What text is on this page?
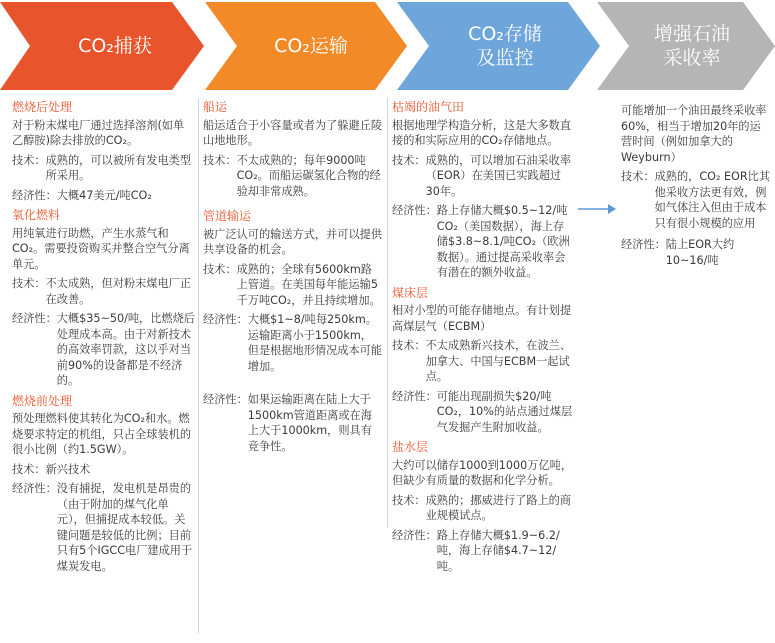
CO₂捕获	CO₂运输
CO₂存储
及监控
增强石油
采收率
燃烧后处理
对于粉末煤电厂通过选择溶剂(如单乙醇胺)除去排放的CO₂。
技术： 成熟的，可以被所有发电类型所采用。
经济性： 大概47美元/吨CO₂
氧化燃料
用纯氧进行助燃，产生水蒸气和CO₂。需要投资购买并整合空气分离单元。
技术： 不太成熟，但对粉末煤电厂正在改善。
经济性： 大概$35~50/吨，比燃烧后处理成本高。由于对新技术的高效率罚款，这以乎对当前90%的设备都是不经济的。
燃烧前处理
预处理燃料使其转化为CO₂和水。燃烧要求特定的机组，只占全球装机的很小比例（约1.5GW）。
技术： 新兴技术
经济性： 没有捕捉，发电机是昂贵的（由于附加的煤气化单元），但捕捉成本较低。关键问题是较低的比例；目前只有5个IGCC电厂建成用于煤炭发电。
船运
船运适合于小容量或者为了躲避丘陵山地地形。
技术： 不太成熟的；每年9000吨CO₂。而船运碳氢化合物的经验却非常成熟。
管道输运
被广泛认可的输送方式，并可以提供共享设备的机会。
技术： 成熟的；全球有5600km路上管道。在美国每年能运输5千万吨CO₂，并且持续增加。
经济性： 大概$1~8/吨每250km。运输距离小于1500km，但是根据地形情况成本可能增加。
经济性： 如果运输距离在陆上大于1500km管道距离或在海上大于1000km，则具有竞争性。
枯竭的油气田
根据地理学构造分析，这是大多数直接的和实际应用的CO₂存储地点。
技术： 成熟的，可以增加石油采收率（EOR）在美国已实践超过30年。
经济性： 路上存储大概$0.5~12/吨CO₂（美国数据），海上存储$3.8~8.1/吨CO₂（欧洲数据）。通过提高采收率会有潜在的额外收益。
煤床层
相对小型的可能存储地点。有计划提高煤层气（ECBM）
技术： 不太成熟新兴技术，在波兰、加拿大、中国与ECBM一起试点。
经济性： 可能出现副损失$20/吨CO₂，10%的站点通过煤层气发掘产生附加收益。
盐水层
大约可以储存1000到1000万亿吨，但缺少有质量的数据和化学分析。
技术： 成熟的；挪威进行了路上的商业规模试点。
经济性： 路上存储大概$1.9~6.2/吨，海上存储$4.7~12/吨。
可能增加一个油田最终采收率60%，相当于增加20年的运营时间（例如加拿大的Weyburn）
技术： 成熟的，CO₂ EOR比其他采收方法更有效，例如气体注入但由于成本只有很小规模的应用
经济性： 陆上EOR大约10~16/吨
